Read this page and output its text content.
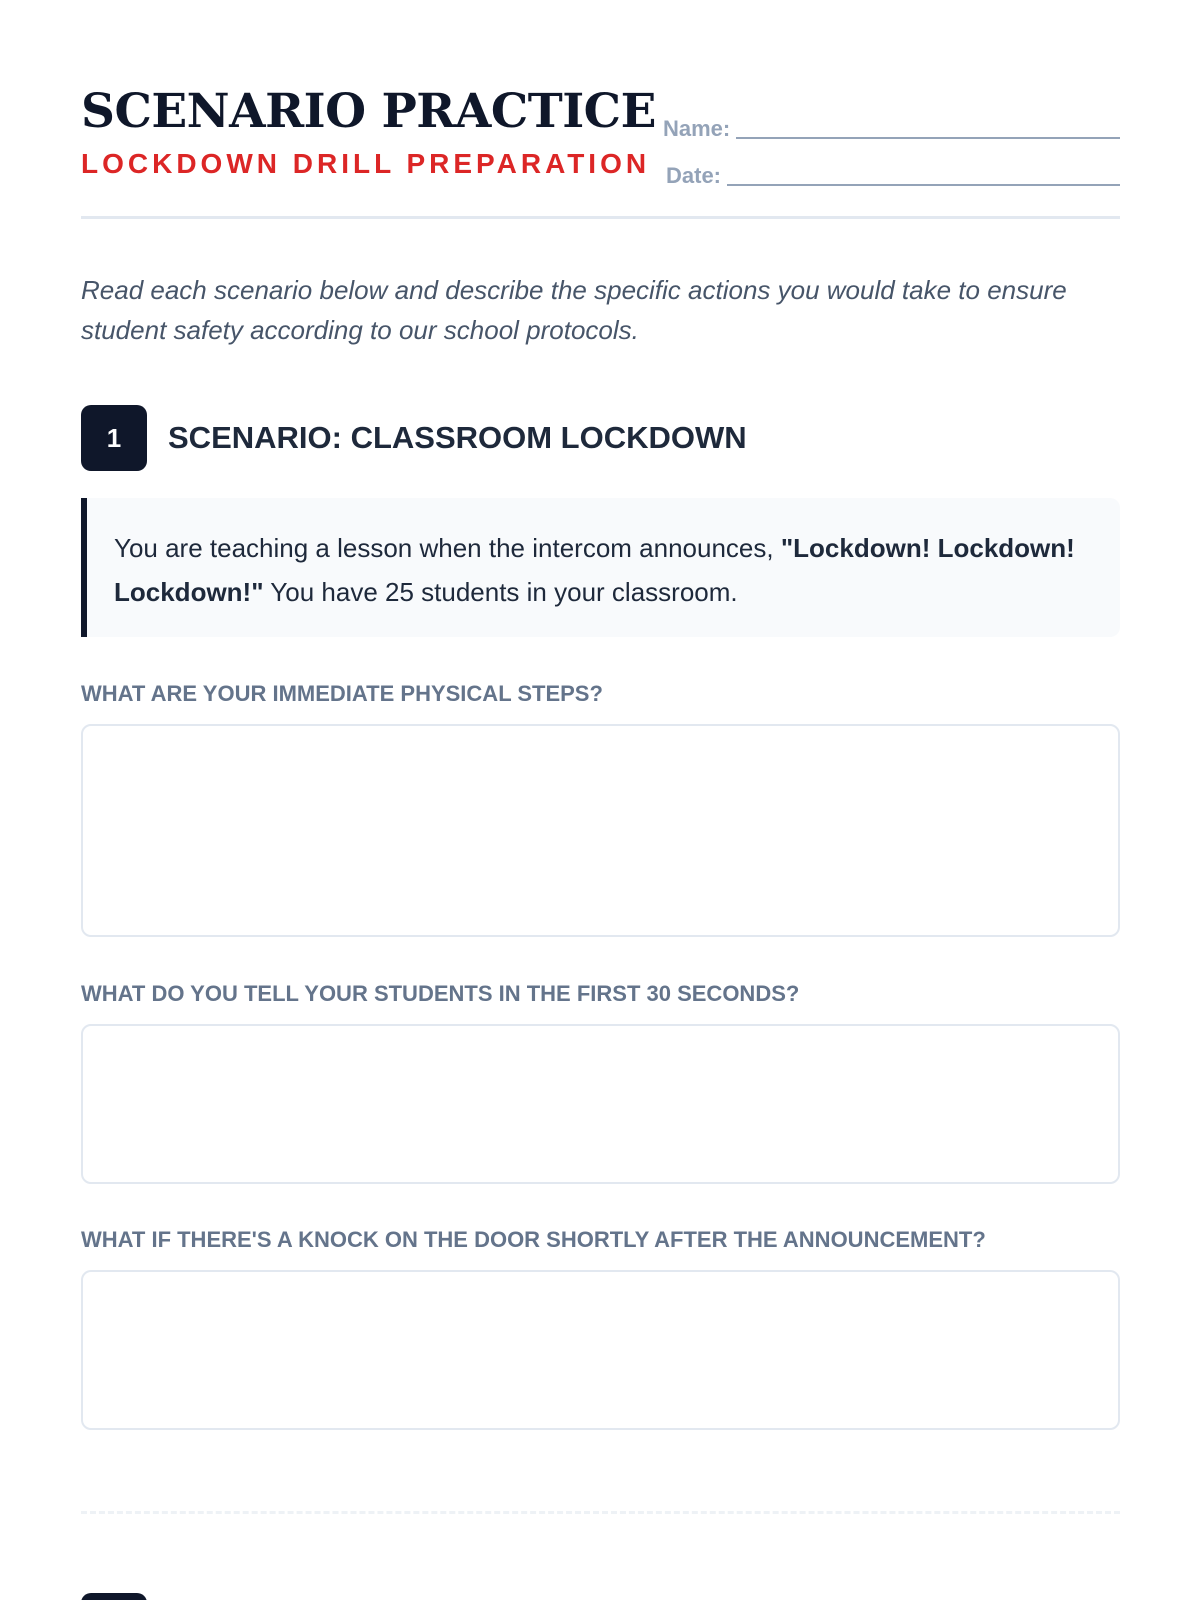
SCENARIO PRACTICE
LOCKDOWN DRILL PREPARATION
Name:
Date:
Read each scenario below and describe the specific actions you would take to ensure student safety according to our school protocols.
1	SCENARIO: CLASSROOM LOCKDOWN
You are teaching a lesson when the intercom announces, "Lockdown! Lockdown! Lockdown!" You have 25 students in your classroom.
WHAT ARE YOUR IMMEDIATE PHYSICAL STEPS?
WHAT DO YOU TELL YOUR STUDENTS IN THE FIRST 30 SECONDS?
WHAT IF THERE'S A KNOCK ON THE DOOR SHORTLY AFTER THE ANNOUNCEMENT?
